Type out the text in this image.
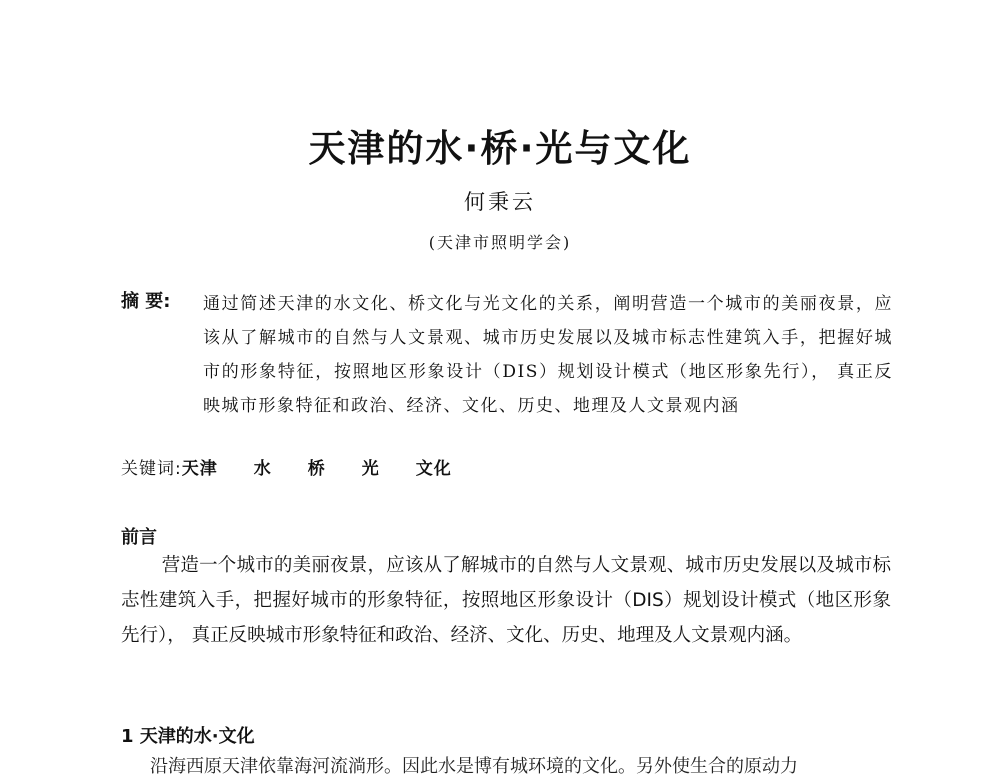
天津的水·桥·光与文化
何秉云
(天津市照明学会)
摘 要:	通过简述天津的水文化、桥文化与光文化的关系，阐明营造一个城市的美丽夜景，应该从了解城市的自然与人文景观、城市历史发展以及城市标志性建筑入手，把握好城市的形象特征，按照地区形象设计（DIS）规划设计模式（地区形象先行）， 真正反映城市形象特征和政治、经济、文化、历史、地理及人文景观内涵
关键词:天津 水 桥 光 文化
前言
营造一个城市的美丽夜景，应该从了解城市的自然与人文景观、城市历史发展以及城市标志性建筑入手，把握好城市的形象特征，按照地区形象设计（DIS）规划设计模式（地区形象先行）， 真正反映城市形象特征和政治、经济、文化、历史、地理及人文景观内涵。
1 天津的水·文化
沿海西原天津依靠海河流淌形。因此水是博有城环境的文化。另外使生合的原动力
